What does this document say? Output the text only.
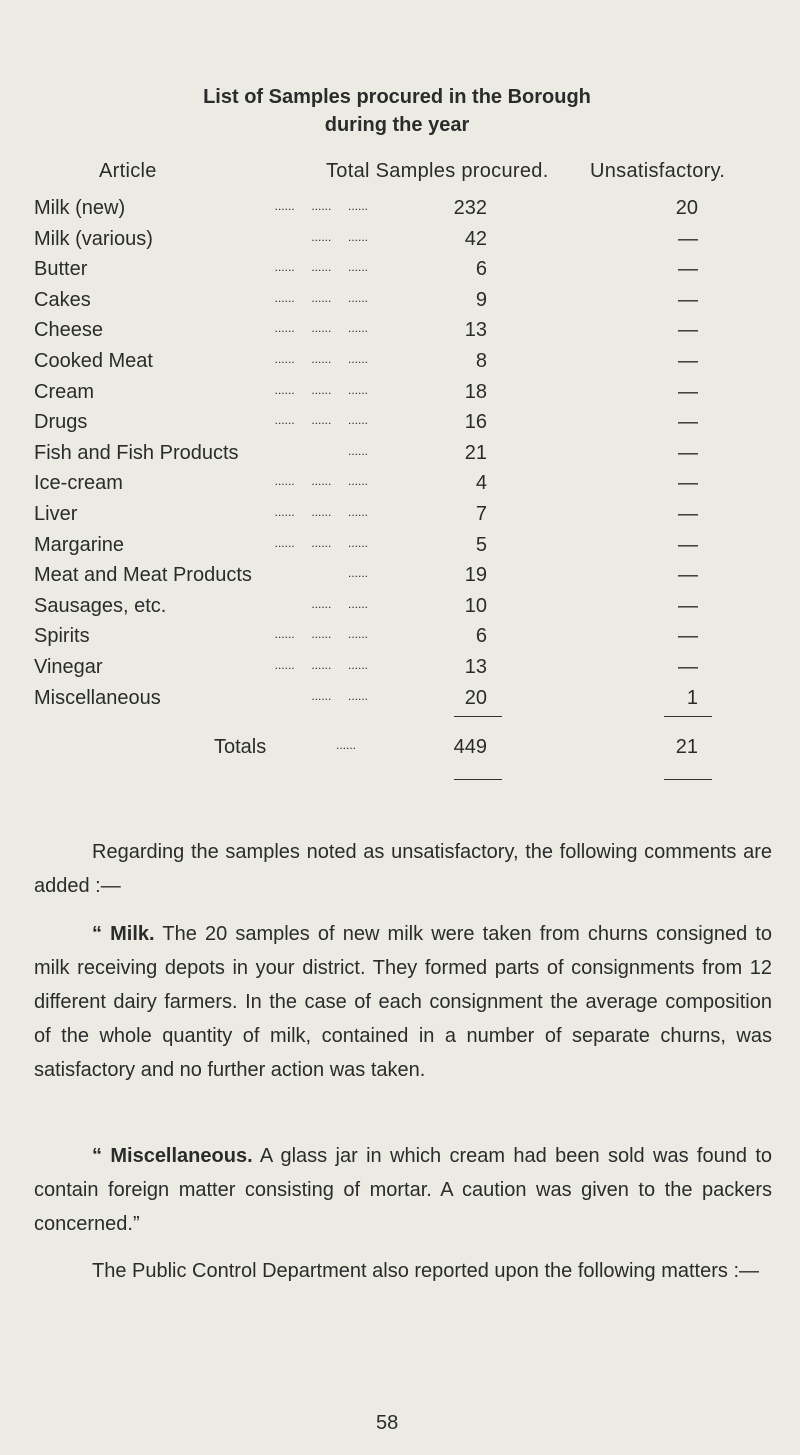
List of Samples procured in the Borough
during the year
Article	Total Samples procured. Unsatisfactory.
Milk (new)	......     ......     ......	232	20
Milk (various)	......     ......	42	—
Butter	......     ......     ......	6	—
Cakes	......     ......     ......	9	—
Cheese	......     ......     ......	13	—
Cooked Meat	......     ......     ......	8	—
Cream	......     ......     ......	18	—
Drugs	......     ......     ......	16	—
Fish and Fish Products	......	21	—
Ice-cream	......     ......     ......	4	—
Liver	......     ......     ......	7	—
Margarine	......     ......     ......	5	—
Meat and Meat Products	......	19	—
Sausages, etc.	......     ......	10	—
Spirits	......     ......     ......	6	—
Vinegar	......     ......     ......	13	—
Miscellaneous	......     ......	20	1
Totals	......	449	21
Regarding the samples noted as unsatisfactory, the following comments are added :—
“ Milk. The 20 samples of new milk were taken from churns consigned to milk receiving depots in your district. They formed parts of consignments from 12 different dairy farmers. In the case of each consignment the average composition of the whole quantity of milk, contained in a number of separate churns, was satisfactory and no further action was taken.
“ Miscellaneous. A glass jar in which cream had been sold was found to contain foreign matter consisting of mortar. A caution was given to the packers concerned.”
The Public Control Department also reported upon the following matters :—
58
